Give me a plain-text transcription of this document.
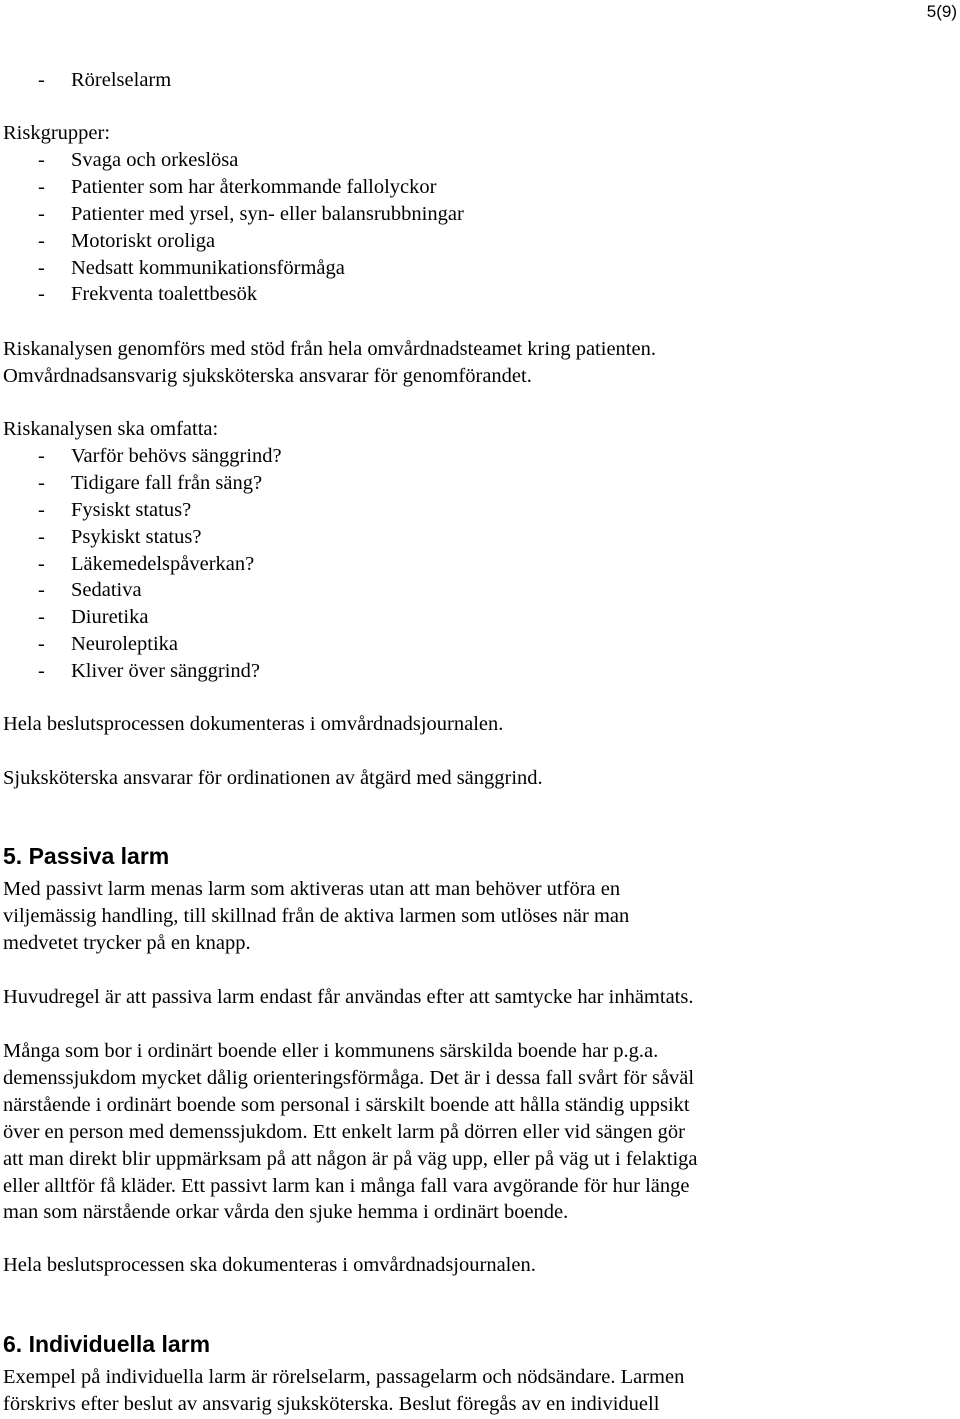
5(9)
- Rörelselarm
Riskgrupper:
- Svaga och orkeslösa
- Patienter som har återkommande fallolyckor
- Patienter med yrsel, syn- eller balansrubbningar
- Motoriskt oroliga
- Nedsatt kommunikationsförmåga
- Frekventa toalettbesök
Riskanalysen genomförs med stöd från hela omvårdnadsteamet kring patienten.
Omvårdnadsansvarig sjuksköterska ansvarar för genomförandet.
Riskanalysen ska omfatta:
- Varför behövs sänggrind?
- Tidigare fall från säng?
- Fysiskt status?
- Psykiskt status?
- Läkemedelspåverkan?
- Sedativa
- Diuretika
- Neuroleptika
- Kliver över sänggrind?
Hela beslutsprocessen dokumenteras i omvårdnadsjournalen.
Sjuksköterska ansvarar för ordinationen av åtgärd med sänggrind.
5. Passiva larm
Med passivt larm menas larm som aktiveras utan att man behöver utföra en
viljemässig handling, till skillnad från de aktiva larmen som utlöses när man
medvetet trycker på en knapp.
Huvudregel är att passiva larm endast får användas efter att samtycke har inhämtats.
Många som bor i ordinärt boende eller i kommunens särskilda boende har p.g.a.
demenssjukdom mycket dålig orienteringsförmåga. Det är i dessa fall svårt för såväl
närstående i ordinärt boende som personal i särskilt boende att hålla ständig uppsikt
över en person med demenssjukdom. Ett enkelt larm på dörren eller vid sängen gör
att man direkt blir uppmärksam på att någon är på väg upp, eller på väg ut i felaktiga
eller alltför få kläder. Ett passivt larm kan i många fall vara avgörande för hur länge
man som närstående orkar vårda den sjuke hemma i ordinärt boende.
Hela beslutsprocessen ska dokumenteras i omvårdnadsjournalen.
6. Individuella larm
Exempel på individuella larm är rörelselarm, passagelarm och nödsändare. Larmen
förskrivs efter beslut av ansvarig sjuksköterska. Beslut föregås av en individuell
